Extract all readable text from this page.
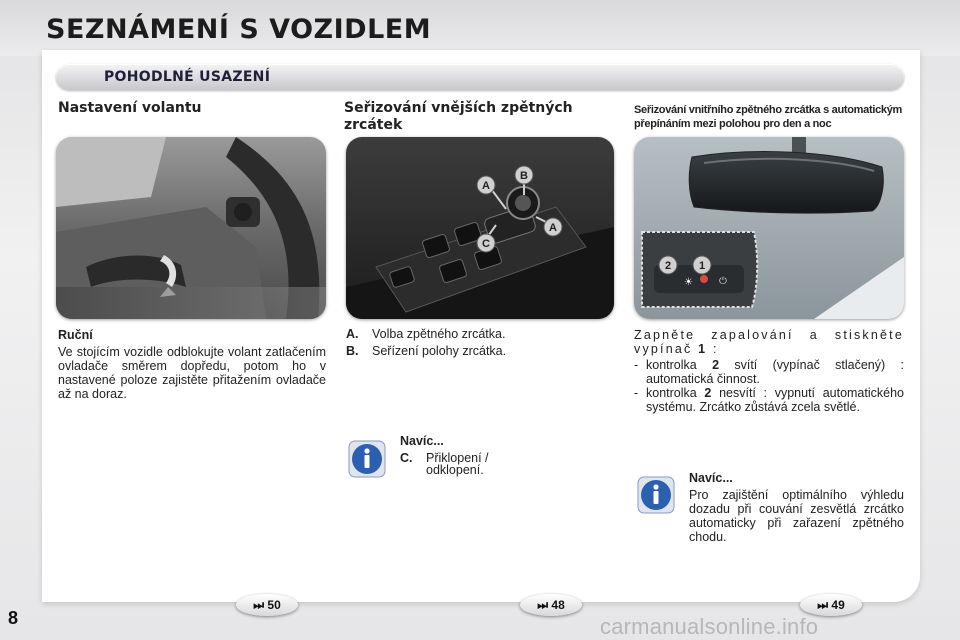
SEZNÁMENÍ S VOZIDLEM
POHODLNÉ USAZENÍ
Nastavení volantu
Ruční
Ve stojícím vozidle odblokujte volant zatlačením ovladače směrem dopředu, potom ho v nastavené poloze zajistěte přitažením ovladače až na doraz.
Seřizování vnějších zpětných
zrcátek
A
B
A
C
A. Volba zpětného zrcátka.
B. Seřízení polohy zrcátka.
Navíc...
C. Přiklopení /
odklopení.
Seřizování vnitřního zpětného zrcátka s automatickým
přepínáním mezi polohou pro den a noc
☀	⏻
2	1
Zapněte zapalování a stiskněte vypínač 1 :
- kontrolka 2 svítí (vypínač stlačený) : automatická činnost.
- kontrolka 2 nesvítí : vypnutí automatického systému. Zrcátko zůstává zcela světlé.
Navíc...
Pro zajištění optimálního výhledu dozadu při couvání zesvětlá zrcátko automaticky při zařazení zpětného chodu.
⏭ 50	⏭ 48	⏭ 49
8	carmanualsonline.info
